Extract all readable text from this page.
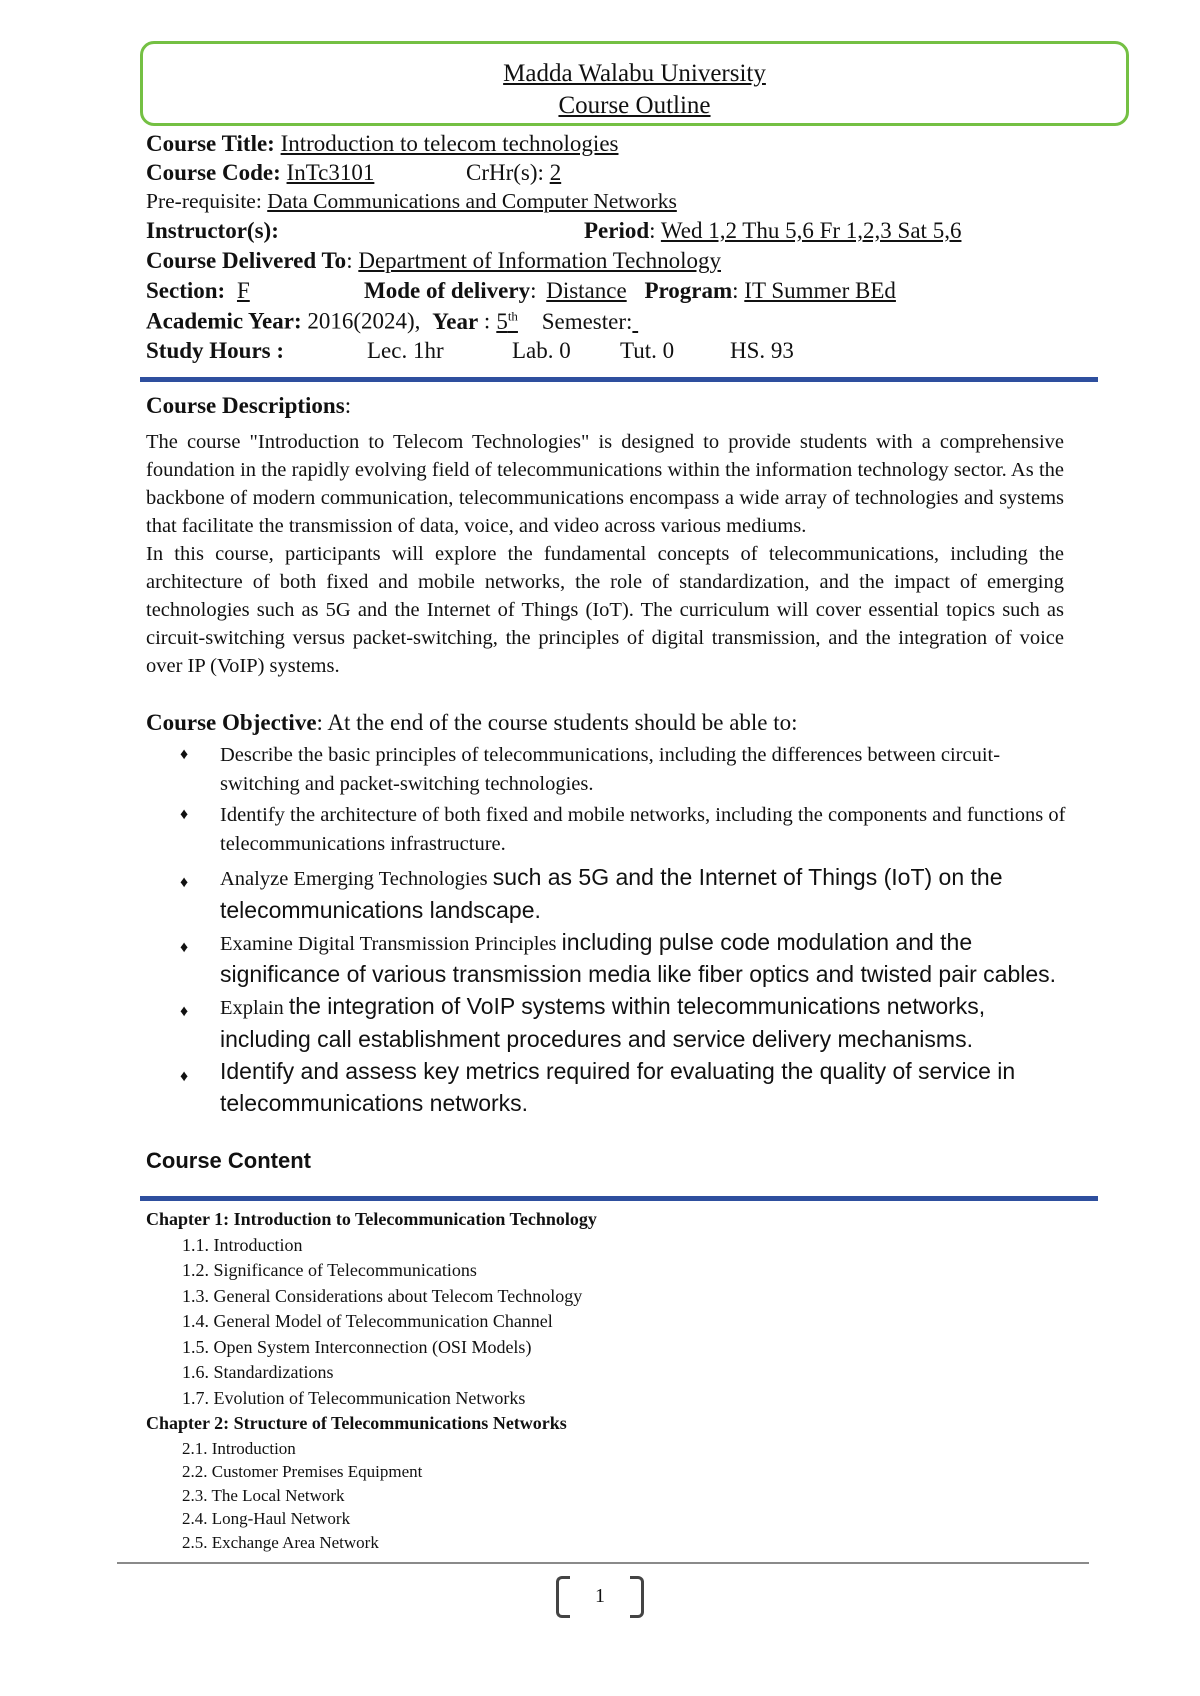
Madda Walabu University
Course Outline
Course Title: Introduction to telecom technologies
Course Code: InTc3101	CrHr(s): 2
Pre-requisite: Data Communications and Computer Networks
Instructor(s):	Period: Wed 1,2 Thu 5,6 Fr 1,2,3 Sat 5,6
Course Delivered To: Department of Information Technology
Section: F	Mode of delivery: Distance Program: IT Summer BEd
Academic Year: 2016(2024), Year : 5th Semester:
Study Hours :	Lec. 1hr	Lab. 0 Tut. 0 HS. 93
Course Descriptions:

The course "Introduction to Telecom Technologies" is designed to provide students with a comprehensive foundation in the rapidly evolving field of telecommunications within the information technology sector. As the backbone of modern communication, telecommunications encompass a wide array of technologies and systems that facilitate the transmission of data, voice, and video across various mediums.

In this course, participants will explore the fundamental concepts of telecommunications, including the architecture of both fixed and mobile networks, the role of standardization, and the impact of emerging technologies such as 5G and the Internet of Things (IoT). The curriculum will cover essential topics such as circuit-switching versus packet-switching, the principles of digital transmission, and the integration of voice over IP (VoIP) systems.

Course Objective: At the end of the course students should be able to:
♦ Describe the basic principles of telecommunications, including the differences between circuit-switching and packet-switching technologies.
♦ Identify the architecture of both fixed and mobile networks, including the components and functions of telecommunications infrastructure.
♦ Analyze Emerging Technologies such as 5G and the Internet of Things (IoT) on the telecommunications landscape.
♦ Examine Digital Transmission Principles including pulse code modulation and the significance of various transmission media like fiber optics and twisted pair cables.
♦ Explain the integration of VoIP systems within telecommunications networks, including call establishment procedures and service delivery mechanisms.
♦ Identify and assess key metrics required for evaluating the quality of service in telecommunications networks.
Course Content
Chapter 1: Introduction to Telecommunication Technology
1.1. Introduction
1.2. Significance of Telecommunications
1.3. General Considerations about Telecom Technology
1.4. General Model of Telecommunication Channel
1.5. Open System Interconnection (OSI Models)
1.6. Standardizations
1.7. Evolution of Telecommunication Networks
Chapter 2: Structure of Telecommunications Networks
2.1. Introduction
2.2. Customer Premises Equipment
2.3. The Local Network
2.4. Long-Haul Network
2.5. Exchange Area Network
1
